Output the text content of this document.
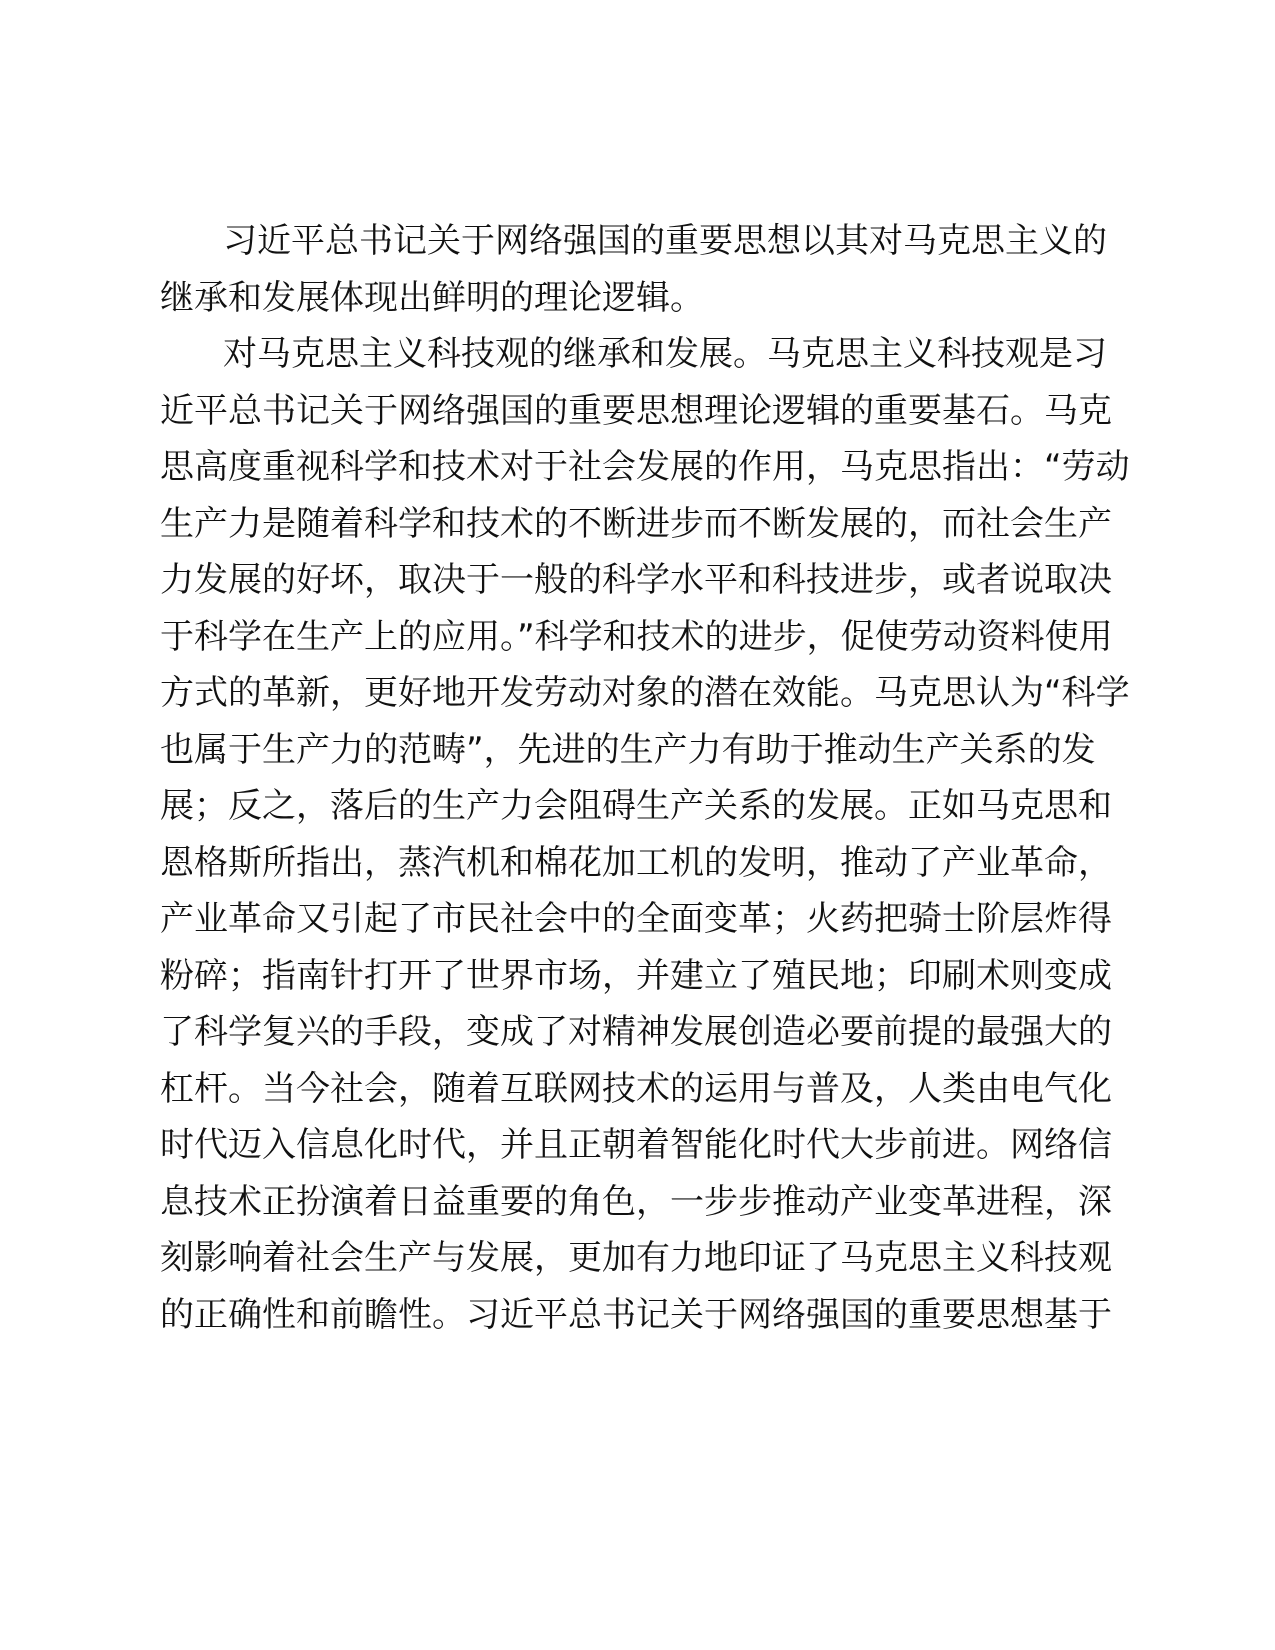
习近平总书记关于网络强国的重要思想以其对马克思主义的
继承和发展体现出鲜明的理论逻辑。
对马克思主义科技观的继承和发展。马克思主义科技观是习
近平总书记关于网络强国的重要思想理论逻辑的重要基石。马克
思高度重视科学和技术对于社会发展的作用，马克思指出：“劳动
生产力是随着科学和技术的不断进步而不断发展的，而社会生产
力发展的好坏，取决于一般的科学水平和科技进步，或者说取决
于科学在生产上的应用。”科学和技术的进步，促使劳动资料使用
方式的革新，更好地开发劳动对象的潜在效能。马克思认为“科学
也属于生产力的范畴”，先进的生产力有助于推动生产关系的发
展；反之，落后的生产力会阻碍生产关系的发展。正如马克思和
恩格斯所指出，蒸汽机和棉花加工机的发明，推动了产业革命，
产业革命又引起了市民社会中的全面变革；火药把骑士阶层炸得
粉碎；指南针打开了世界市场，并建立了殖民地；印刷术则变成
了科学复兴的手段，变成了对精神发展创造必要前提的最强大的
杠杆。当今社会，随着互联网技术的运用与普及，人类由电气化
时代迈入信息化时代，并且正朝着智能化时代大步前进。网络信
息技术正扮演着日益重要的角色，一步步推动产业变革进程，深
刻影响着社会生产与发展，更加有力地印证了马克思主义科技观
的正确性和前瞻性。习近平总书记关于网络强国的重要思想基于
